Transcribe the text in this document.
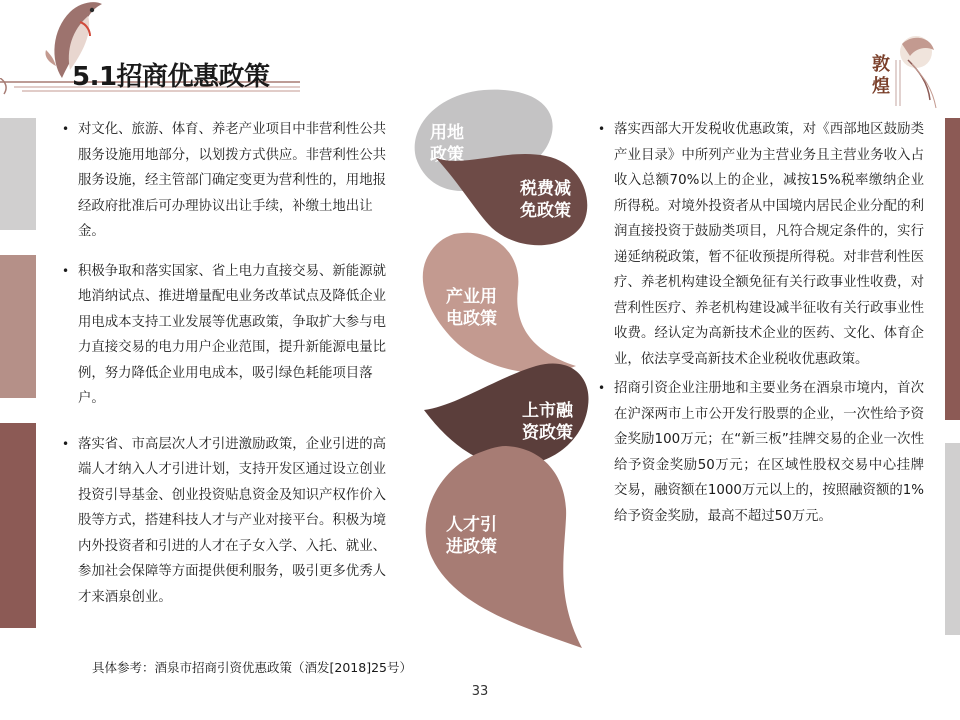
5.1招商优惠政策	敦
煌

• 对文化、旅游、体育、养老产业项目中非营利性公共服务设施用地部分，以划拨方式供应。非营利性公共服务设施，经主管部门确定变更为营利性的，用地报经政府批准后可办理协议出让手续，补缴土地出让金。

• 积极争取和落实国家、省上电力直接交易、新能源就地消纳试点、推进增量配电业务改革试点及降低企业用电成本支持工业发展等优惠政策，争取扩大参与电力直接交易的电力用户企业范围，提升新能源电量比例，努力降低企业用电成本，吸引绿色耗能项目落户。

• 落实省、市高层次人才引进激励政策，企业引进的高端人才纳入人才引进计划，支持开发区通过设立创业投资引导基金、创业投资贴息资金及知识产权作价入股等方式，搭建科技人才与产业对接平台。积极为境内外投资者和引进的人才在子女入学、入托、就业、参加社会保障等方面提供便利服务，吸引更多优秀人才来酒泉创业。

• 落实西部大开发税收优惠政策，对《西部地区鼓励类产业目录》中所列产业为主营业务且主营业务收入占收入总额70%以上的企业，减按15%税率缴纳企业所得税。对境外投资者从中国境内居民企业分配的利润直接投资于鼓励类项目，凡符合规定条件的，实行递延纳税政策，暂不征收预提所得税。对非营利性医疗、养老机构建设全额免征有关行政事业性收费，对营利性医疗、养老机构建设减半征收有关行政事业性收费。经认定为高新技术企业的医药、文化、体育企业，依法享受高新技术企业税收优惠政策。

• 招商引资企业注册地和主要业务在酒泉市境内，首次在沪深两市上市公开发行股票的企业，一次性给予资金奖励100万元；在“新三板”挂牌交易的企业一次性给予资金奖励50万元；在区域性股权交易中心挂牌交易，融资额在1000万元以上的，按照融资额的1%给予资金奖励，最高不超过50万元。

用地
政策
税费减
免政策
产业用
电政策
上市融
资政策
人才引
进政策
具体参考：酒泉市招商引资优惠政策（酒发[2018]25号）
33
